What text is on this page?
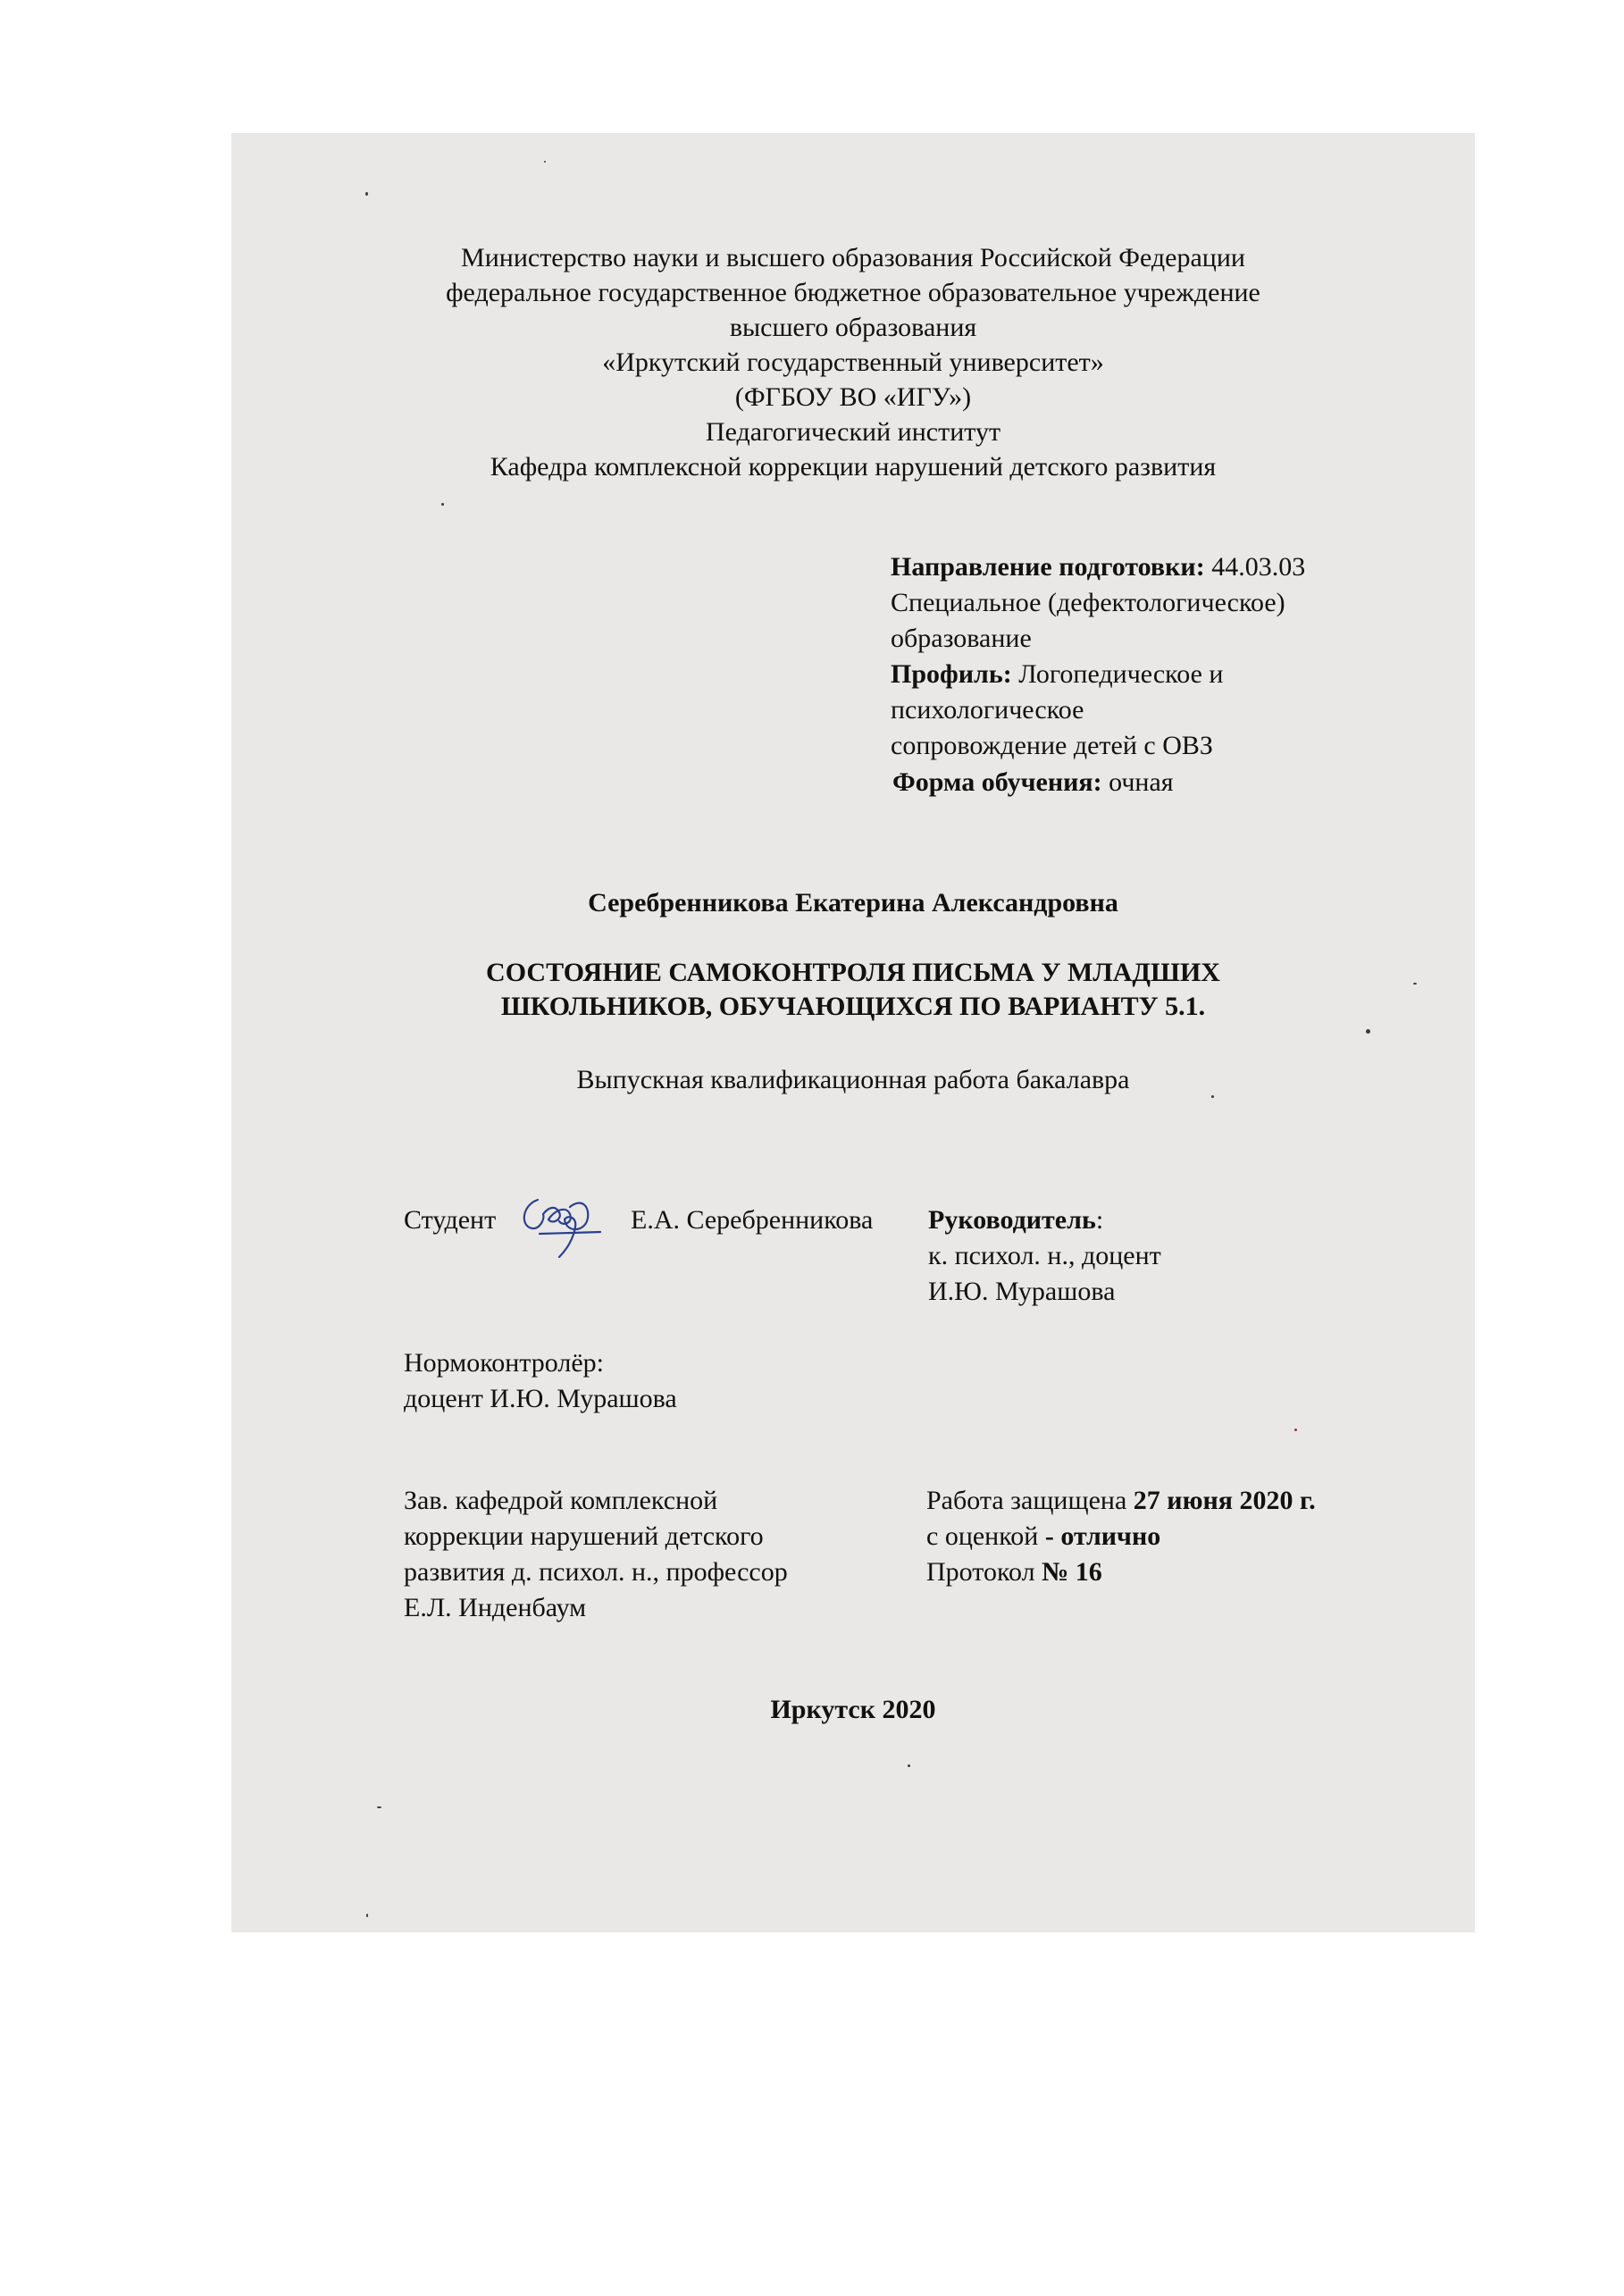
Министерство науки и высшего образования Российской Федерации
федеральное государственное бюджетное образовательное учреждение
высшего образования
«Иркутский государственный университет»
(ФГБОУ ВО «ИГУ»)
Педагогический институт
Кафедра комплексной коррекции нарушений детского развития
Направление подготовки: 44.03.03
Специальное (дефектологическое)
образование
Профиль: Логопедическое и
психологическое
сопровождение детей с ОВЗ
Форма обучения: очная
Серебренникова Екатерина Александровна
СОСТОЯНИЕ САМОКОНТРОЛЯ ПИСЬМА У МЛАДШИХ
ШКОЛЬНИКОВ, ОБУЧАЮЩИХСЯ ПО ВАРИАНТУ 5.1.
Выпускная квалификационная работа бакалавра
Студент	Е.А. Серебренникова Руководитель:
к. психол. н., доцент
И.Ю. Мурашова
Нормоконтролёр:
доцент И.Ю. Мурашова
Зав. кафедрой комплексной
коррекции нарушений детского
развития д. психол. н., профессор
Е.Л. Инденбаум
Работа защищена 27 июня 2020 г.
с оценкой - отлично
Протокол № 16
Иркутск 2020
